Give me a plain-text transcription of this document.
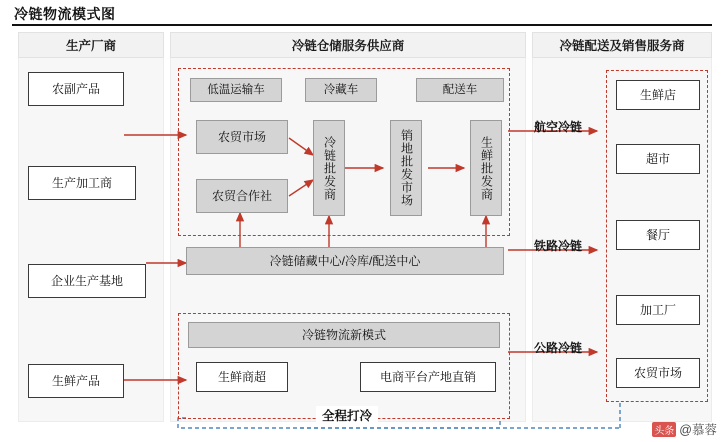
冷链物流模式图
生产厂商	冷链仓储服务供应商	冷链配送及销售服务商
农副产品
生产加工商
企业生产基地
生鲜产品
低温运输车	冷藏车	配送车
农贸市场
农贸合作社	冷链批发商	销地批发市场	生鲜批发商
冷链储藏中心/冷库/配送中心
冷链物流新模式
生鲜商超	电商平台产地直销
航空冷链
铁路冷链
公路冷链
生鲜店
超市
餐厅
加工厂
农贸市场
全程打冷
头条 @慕蓉
